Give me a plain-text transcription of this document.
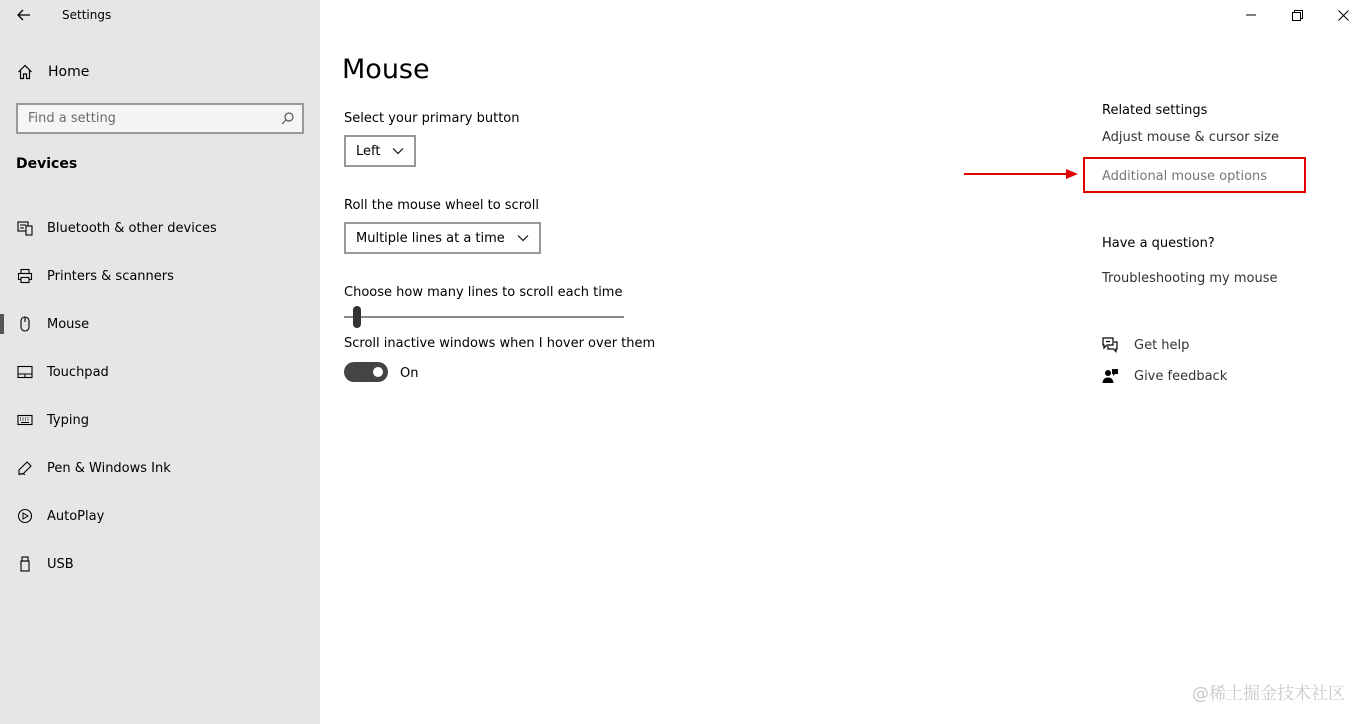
Settings
Home
Find a setting
Devices
Bluetooth & other devices
Printers & scanners
Mouse
Touchpad
Typing
Pen & Windows Ink
AutoPlay
USB
Mouse
Select your primary button
Left
Roll the mouse wheel to scroll
Multiple lines at a time
Choose how many lines to scroll each time
Scroll inactive windows when I hover over them
On
Related settings
Adjust mouse & cursor size
Additional mouse options
Have a question?
Troubleshooting my mouse
Get help
Give feedback
@稀土掘金技术社区
